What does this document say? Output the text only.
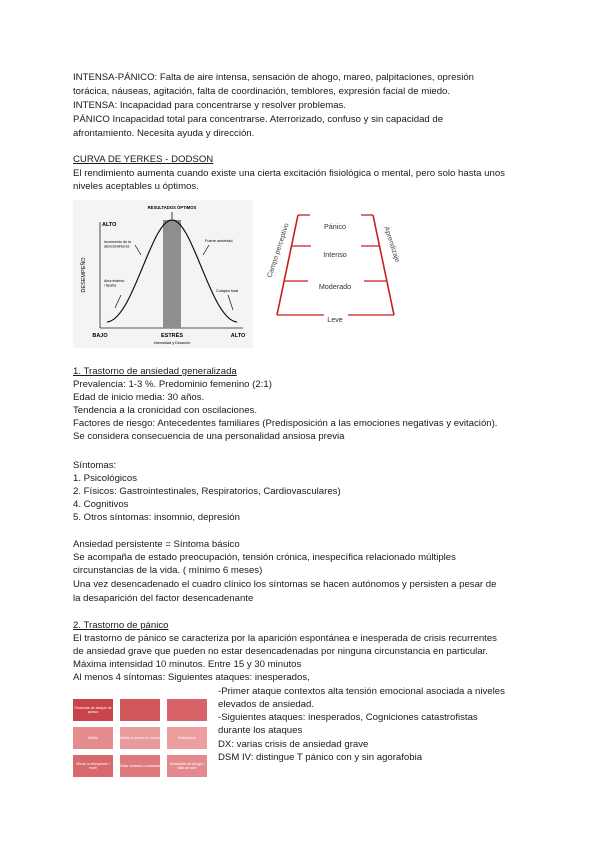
INTENSA-PÁNICO: Falta de aire intensa, sensación de ahogo, mareo, palpitaciones, opresión
torácica, náuseas, agitación, falta de coordinación, temblores, expresión facial de miedo.
INTENSA: Incapacidad para concentrarse y resolver problemas.
PÁNICO Incapacidad total para concentrarse. Aterrorizado, confuso y sin capacidad de
afrontamiento. Necesita ayuda y dirección.
CURVA DE YERKES - DODSON
El rendimiento aumenta cuando existe una cierta excitación fisiológica o mental, pero solo hasta unos
niveles aceptables u óptimos.
RESULTADOS ÓPTIMOS
ALTO
DESEMPEÑO
Incremento de la atención/interés
Aburrimiento / Apatía
Fuerte ansiedad
Colapso total
BAJO	ESTRÉS	ALTO
Intensidad y Duración
Pánico
Intenso
Moderado
Leve
Campo perceptivo	Aprendizaje
1. Trastorno de ansiedad generalizada
Prevalencia: 1-3 %. Predominio femenino (2:1)
Edad de inicio media: 30 años.
Tendencia a la cronicidad con oscilaciones.
Factores de riesgo: Antecedentes familiares (Predisposición a las emociones negativas y evitación).
Se considera consecuencia de una personalidad ansiosa previa
Síntomas:
1. Psicológicos
2. Físicos: Gastrointestinales, Respiratorios, Cardiovasculares)
4. Cognitivos
5. Otros síntomas: insomnio, depresión
Ansiedad persistente = Síntoma básico
Se acompaña de estado preocupación, tensión crónica, inespecífica relacionado múltiples
circunstancias de la vida. ( mínimo 6 meses)
Una vez desencadenado el cuadro clínico los síntomas se hacen autónomos y persisten a pesar de
la desaparición del factor desencadenante
2. Trastorno de pánico
El trastorno de pánico se caracteriza por la aparición espontánea e inesperada de crisis recurrentes
de ansiedad grave que pueden no estar desencadenadas por ninguna circunstancia en particular.
Máxima intensidad 10 minutos. Entre 15 y 30 minutos
Al menos 4 síntomas: Siguientes ataques: inesperados,
Síntomas de ataque de pánico
Miedo	Miedo a perder el control	Sudoración
Miedo a enloquecer / morir
Dolor torácico o malestar
Sensación de ahogo / falta de aire
-Primer ataque contextos alta tensión emocional asociada a niveles
elevados de ansiedad.
-Siguientes ataques: inesperados, Cogniciones catastrofistas
durante los ataques
DX: varias crisis de ansiedad grave
DSM IV: distingue T pánico con y sin agorafobia
